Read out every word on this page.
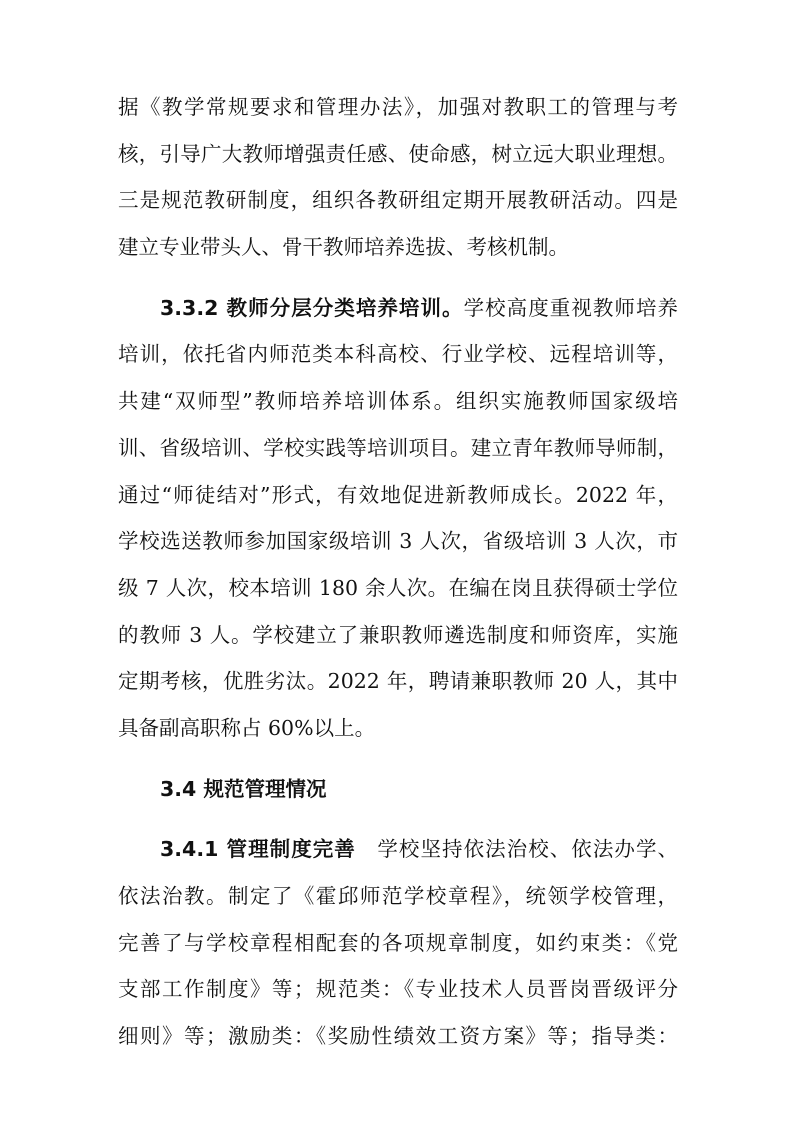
据《教学常规要求和管理办法》，加强对教职工的管理与考
核，引导广大教师增强责任感、使命感，树立远大职业理想。
三是规范教研制度，组织各教研组定期开展教研活动。四是
建立专业带头人、骨干教师培养选拔、考核机制。
3.3.2 教师分层分类培养培训。学校高度重视教师培养
培训，依托省内师范类本科高校、行业学校、远程培训等，
共建“双师型”教师培养培训体系。组织实施教师国家级培
训、省级培训、学校实践等培训项目。建立青年教师导师制，
通过“师徒结对”形式，有效地促进新教师成长。2022 年，
学校选送教师参加国家级培训 3 人次，省级培训 3 人次，市
级 7 人次，校本培训 180 余人次。在编在岗且获得硕士学位
的教师 3 人。学校建立了兼职教师遴选制度和师资库，实施
定期考核，优胜劣汰。2022 年，聘请兼职教师 20 人，其中
具备副高职称占 60%以上。
3.4 规范管理情况
3.4.1 管理制度完善　 学校坚持依法治校、依法办学、
依法治教。制定了《霍邱师范学校章程》，统领学校管理，
完善了与学校章程相配套的各项规章制度，如约束类：《党
支部工作制度》等；规范类：《专业技术人员晋岗晋级评分
细则》等；激励类：《奖励性绩效工资方案》等；指导类：
